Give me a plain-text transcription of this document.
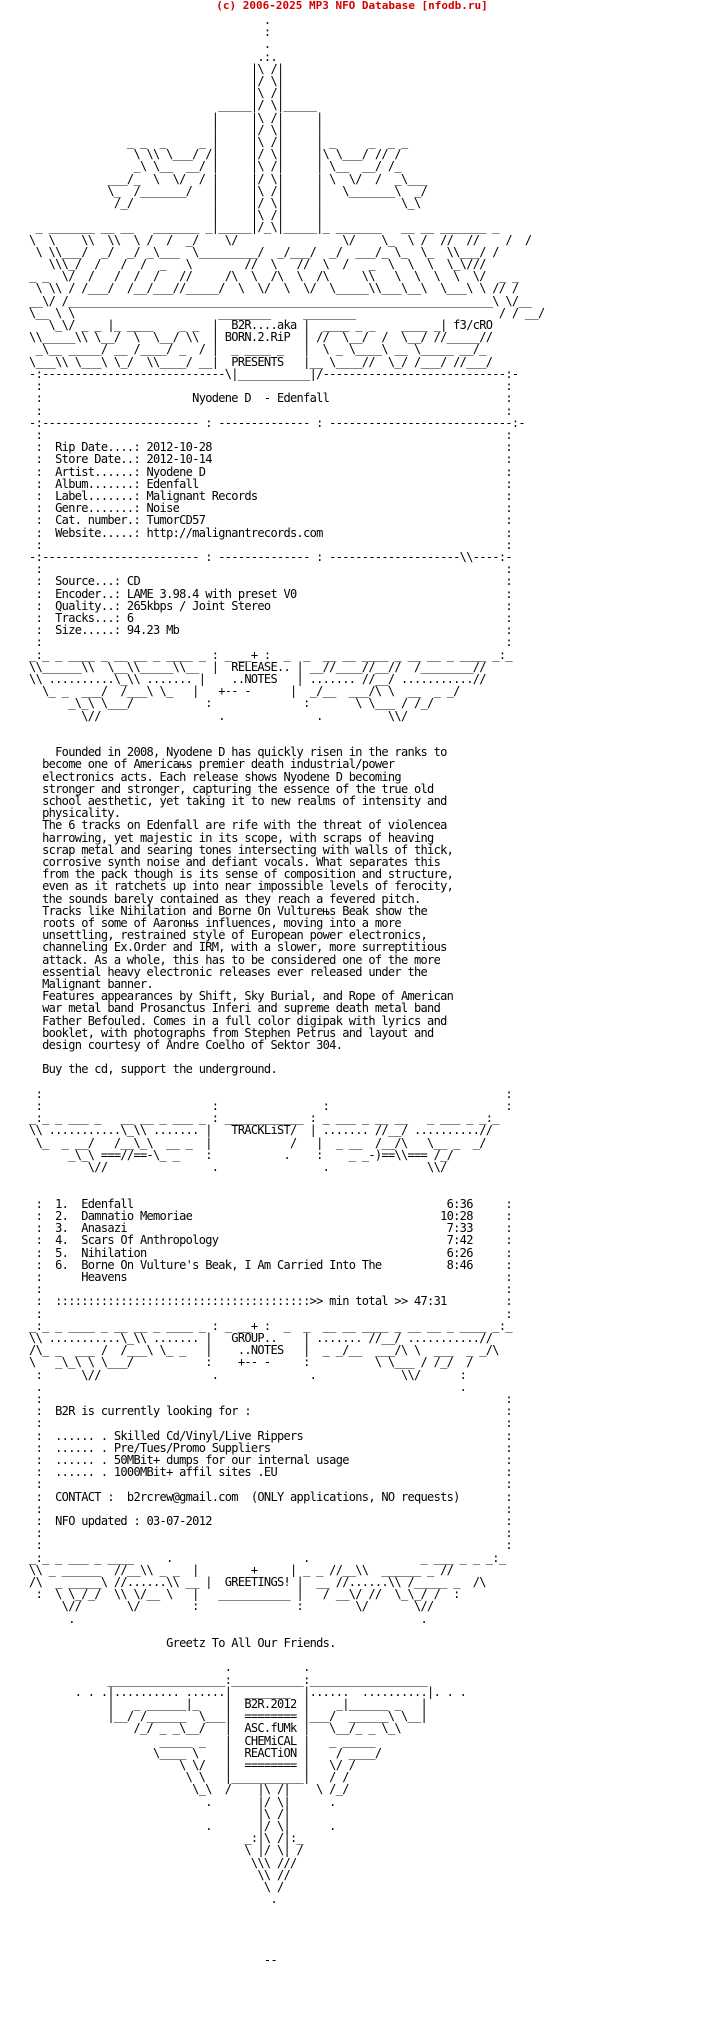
(c) 2006-2025 MP3 NFO Database [nfodb.ru]
.
:
.
.:.
|\ /|
|/ \|
|\ /|
_____|/ \|_____
|     |\ /|     |
|     |/ \|     |
_ _  _     _ |     |\ /|     | _     _  _ _
\ \\ \___/ /|     |/ \|     |\ \___/ // /
_\ \__  __/ |     |\ /|     | \__  __/ /_
___/_  \  \/  / |     |/ \|     | \  \/  /  _\___
\_  /_______/   |     |\ /|     |   \_______\  _/
/_/            |     |/ \|     |            \_\
|     |\ /|     |
_ _______ __ __   _______ _|_____|/_\|_____|_ _______   __ __ _______ _
\  \    \\  \\  \ /  /  _/    \/                \/    \_  \ /  //  //    /  /
\ \\___/  _/  _/ _\___  \_________/  _/___/  _/  ___/_ \_  \_  \\___/ /
\\\_/  /   /  /  _   \        //  \   //  \  /   _  \  \  \  \_\///
_ _  \/  /   /  /  /   //     /\  \  /\  \  /\     \\   \  \  \  \  \/  _ _
\ \\ / /___/  /__/___//_____/  \  \/  \  \/  \_____\\___\__\  \___\ \ // /
__\/ /_________________________________________________________________\ \/__
\__ \ \                      ________     ________                      / / __/
\_\/ _ _ |_ ____    _ _  |  B2R....aka |  ____ _ _    ____ _| f3/cRO
\\_____\\ \__/  \  \__/ \\  | BORN.2.RiP  | //  \__/  /  \__/ //_____//
_\__ _____/ __ /____/ _  / |  _ ____ _   |  \ _ \____\ __ \_____ __/_
\___\\ \___\ \_/  \\____/ __|  PRESENTS   |__ \____//  \_/ /___/ //___/
-:----------------------------\|___________|/----------------------------:-
:                                                                       :
:                       Nyodene D  - Edenfall                           :
:                                                                       :
-:------------------------ : -------------- : ----------------------------:-
:                                                                       :
:  Rip Date....: 2012-10-28                                             :
:  Store Date..: 2012-10-14                                             :
:  Artist......: Nyodene D                                              :
:  Album.......: Edenfall                                               :
:  Label.......: Malignant Records                                      :
:  Genre.......: Noise                                                  :
:  Cat. number.: TumorCD57                                              :
:  Website.....: http://malignantrecords.com                            :
:                                                                       :
-:------------------------ : -------------- : --------------------\\----:-
:                                                                       :
:  Source...: CD                                                        :
:  Encoder..: LAME 3.98.4 with preset V0                                :
:  Quality..: 265kbps / Joint Stereo                                    :
:  Tracks...: 6                                                         :
:  Size.....: 94.23 Mb                                                  :
:                                                                       :
_:_ _ ____ _ __ __ _ ____ _ : _ __+ :  _  _  __ __ ____ _ __ __ _ ____ _:_
\\______\\  \__\\_____\\__  |  RELEASE.. | __//____//__//  /________//
\\ ..........\_\\ ....... |    ..NOTES   | ....... //__/ ...........//
\_ _  ___/  /___\ \_   |   +-- -      |  _/__  ___/\ \  __  _ _/
_\_\ \___/           :              :       \ \___ / /_/
\//                  .              .          \\/

Founded in 2008, Nyodene D has quickly risen in the ranks to
become one of Americaњs premier death industrial/power
electronics acts. Each release shows Nyodene D becoming
stronger and stronger, capturing the essence of the true old
school aesthetic, yet taking it to new realms of intensity and
physicality.
The 6 tracks on Edenfall are rife with the threat of violenceа
harrowing, yet majestic in its scope, with scraps of heaving
scrap metal and searing tones intersecting with walls of thick,
corrosive synth noise and defiant vocals. What separates this
from the pack though is its sense of composition and structure,
even as it ratchets up into near impossible levels of ferocity,
the sounds barely contained as they reach a fevered pitch.
Tracks like Nihilation and Borne On Vultureњs Beak show the
roots of some of Aaronњs influences, moving into a more
unsettling, restrained style of European power electronics,
channeling Ex.Order and IRM, with a slower, more surreptitious
attack. As a whole, this has to be considered one of the more
essential heavy electronic releases ever released under the
Malignant banner.
Features appearances by Shift, Sky Burial, and Rope of American
war metal band Prosanctus Inferi and supreme death metal band
Father Befouled. Comes in a full color digipak with lyrics and
booklet, with photographs from Stephen Petrus and layout and
design courtesy of Andre Coelho of Sektor 304.

Buy the cd, support the underground.

:                                                                       :
:                          :                :                           :
_:_ _ ___ _   __ __ _ ___ _ : ____________ : _ ___ _ __ __   _ ___ _ _:_
\\ ...........\_\\ ....... |   TRACKLiST/  | ....... //__/ ..........//
\_  _ __/   /__\_\  __ _  |            /   |  _ __  /__/\   \__ _  _/
_\_\ ===//==-\_ _    :           .    :    _ _-)==\\=== /_/
\//                .                .               \\/

:  1.  Edenfall                                                6:36     :
:  2.  Damnatio Memoriae                                      10:28     :
:  3.  Anasazi                                                 7:33     :
:  4.  Scars Of Anthropology                                   7:42     :
:  5.  Nihilation                                              6:26     :
:  6.  Borne On Vulture's Beak, I Am Carried Into The          8:46     :
:      Heavens                                                          :
:                                                                       :
:  :::::::::::::::::::::::::::::::::::::::>> min total >> 47:31         :
:                                                                       :
_:_ _ ____ _ __ __ _ ____ _ : _ __+ :  _  _  __ __ ____ _ __ __ _ ____ _:_
\\ ...........\_\\ ....... |   GROUP..    | ....... //__/ ...........//
/\_ _  ___ /  /___\ \_ _   |    ..NOTES   |  _ _/__  ___/\ \  ___  _ _/\
\   _\_\ \ \___/           :    +-- -     :          \ \___ / /_/  /
:      \//                 .              .             \\/      :
.                                                                .
:                                                                       :
:  B2R is currently looking for :                                       :
:                                                                       :
:  ...... . Skilled Cd/Vinyl/Live Rippers                               :
:  ...... . Pre/Tues/Promo Suppliers                                    :
:  ...... . 50MBit+ dumps for our internal usage                        :
:  ...... . 1000MBit+ affil sites .EU                                   :
:                                                                       :
:  CONTACT :  b2rcrew@gmail.com  (ONLY applications, NO requests)       :
:                                                                       :
:  NFO updated : 03-07-2012                                             :
:                                                                       :
:                                                                       :
_:_ _ ___ _ ____     .                    .                 _ ___ _ _ _:_
\\ _ ______  //__\\ _ _  |        +     | _ _ //__\\  ______ _ //
/\  _ _____\ //......\\ __ |  GREETINGS! |  __ //......\\ /_____ _  /\
:  \ \_/_/  \\ \/__ \   |   ___________ |   / __\/ //  \_\_/ /  :
\//       \/        :               :        \/       \//
.                                                     .

Greetz To All Our Friends.

.           .
__________________:___________:__________________
. . .|.......... ......|  _______  |......  ..........|. . .
|   _ ______|_    |  B2R.2012 |    _|______ _   |
|__/ /______  \___|  ======== |___/  ______\ \__|
/_/ _ _\__/   |  ASC.fUMk |   \__/_ _ \_\
_____ _   |  CHEMiCAL |   _ _____
\____ \    |  REACTiON |    / ____/
\ \/   |  ======== |   \/ /
\ \   |___________|   / /
\_\  /    |\ /|    \ /_/
.       |/ \|      .
|\ /|
.       |/ \|      .
_:|\ /|:_
\ |/ \| /
\\\ ///
\\ //
\ /
.

--
